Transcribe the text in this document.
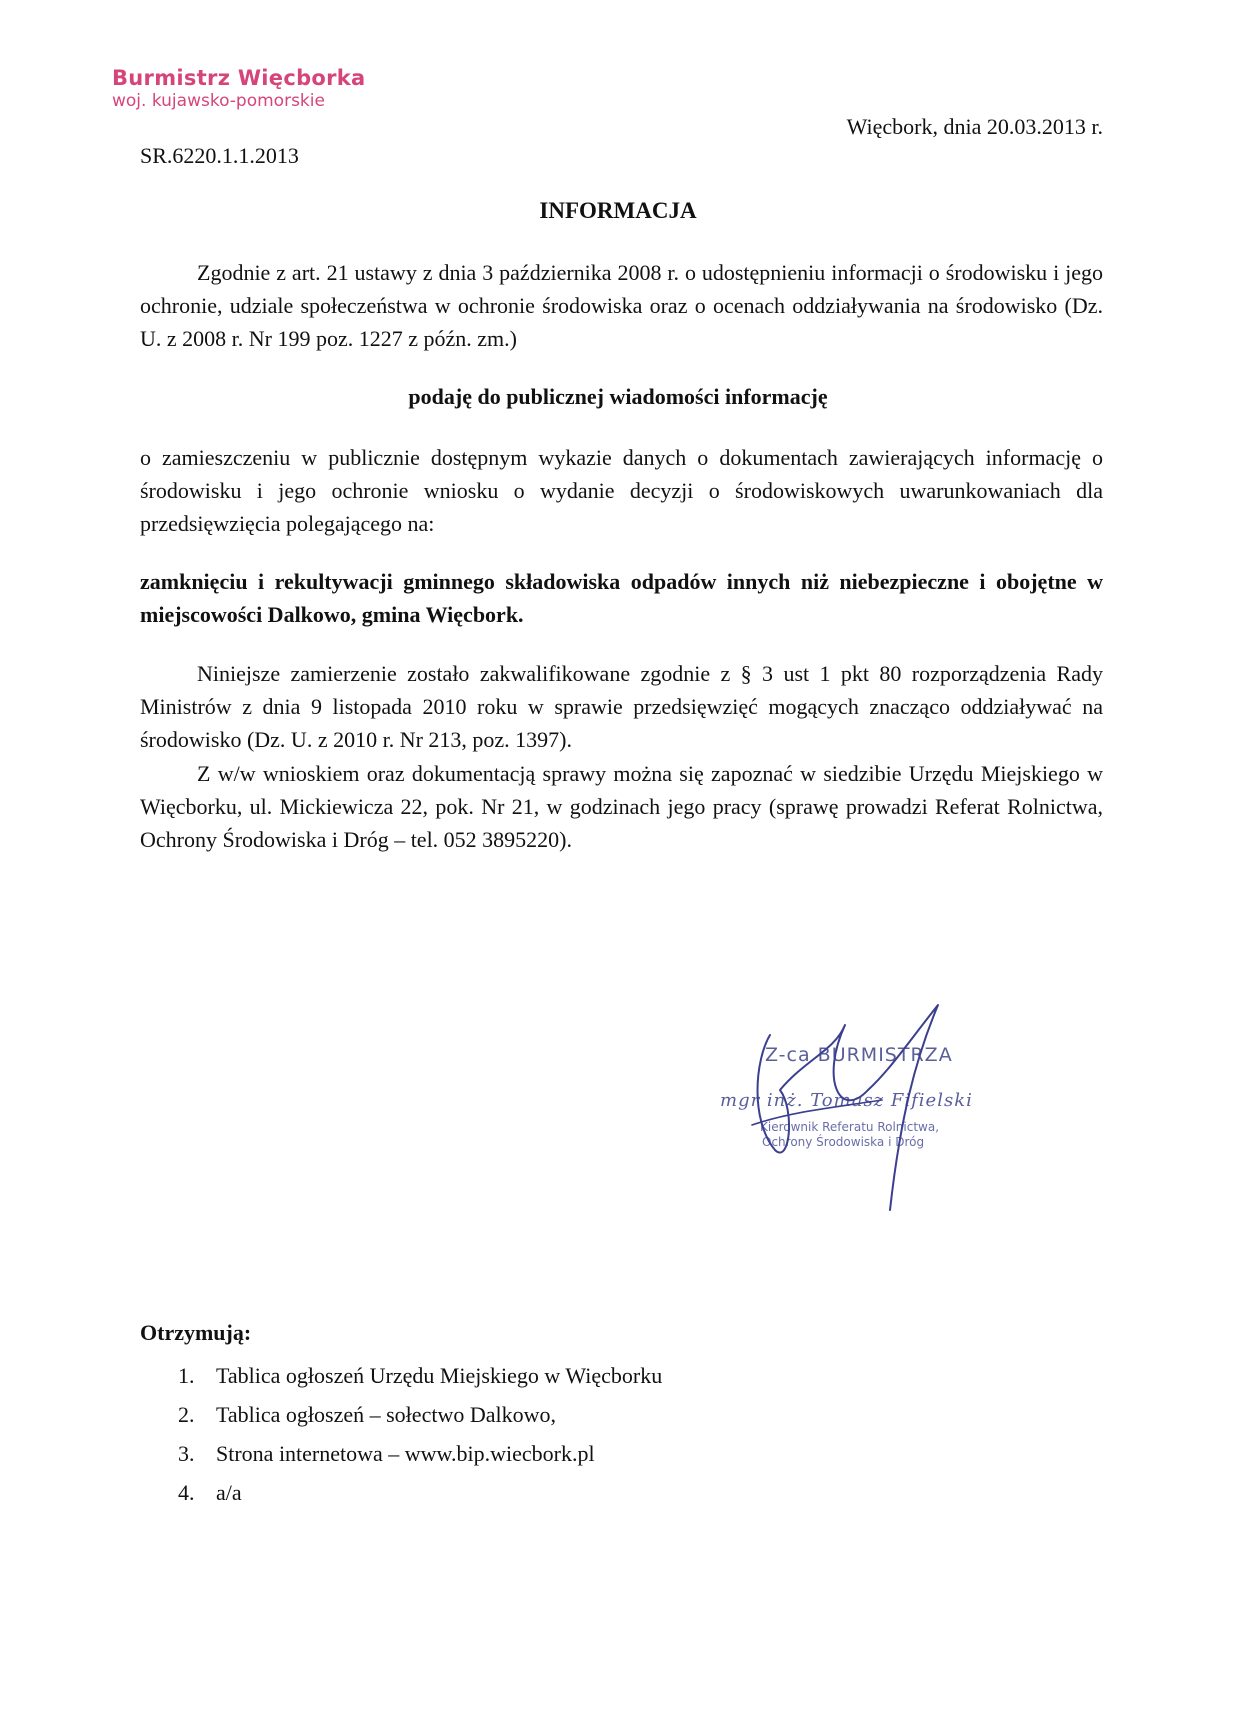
Burmistrz Więcborka
woj. kujawsko-pomorskie
Więcbork, dnia 20.03.2013 r.
SR.6220.1.1.2013
INFORMACJA

Zgodnie z art. 21 ustawy z dnia 3 października 2008 r. o udostępnieniu informacji o środowisku i jego ochronie, udziale społeczeństwa w ochronie środowiska oraz o ocenach oddziaływania na środowisko (Dz. U. z 2008 r. Nr 199 poz. 1227 z późn. zm.)

podaję do publicznej wiadomości informację

o zamieszczeniu w publicznie dostępnym wykazie danych o dokumentach zawierających informację o środowisku i jego ochronie wniosku o wydanie decyzji o środowiskowych uwarunkowaniach dla przedsięwzięcia polegającego na:

zamknięciu i rekultywacji gminnego składowiska odpadów innych niż niebezpieczne i obojętne w miejscowości Dalkowo, gmina Więcbork.

Niniejsze zamierzenie zostało zakwalifikowane zgodnie z § 3 ust 1 pkt 80 rozporządzenia Rady Ministrów z dnia 9 listopada 2010 roku w sprawie przedsięwzięć mogących znacząco oddziaływać na środowisko (Dz. U. z 2010 r. Nr 213, poz. 1397).

Z w/w wnioskiem oraz dokumentacją sprawy można się zapoznać w siedzibie Urzędu Miejskiego w Więcborku, ul. Mickiewicza 22, pok. Nr 21, w godzinach jego pracy (sprawę prowadzi Referat Rolnictwa, Ochrony Środowiska i Dróg – tel. 052 3895220).

Z-ca BURMISTRZA
mgr inż. Tomasz Fifielski
Kierownik Referatu Rolnictwa,
Ochrony Środowiska i Dróg
Otrzymują:
1. Tablica ogłoszeń Urzędu Miejskiego w Więcborku
2. Tablica ogłoszeń – sołectwo Dalkowo,
3. Strona internetowa – www.bip.wiecbork.pl
4. a/a
